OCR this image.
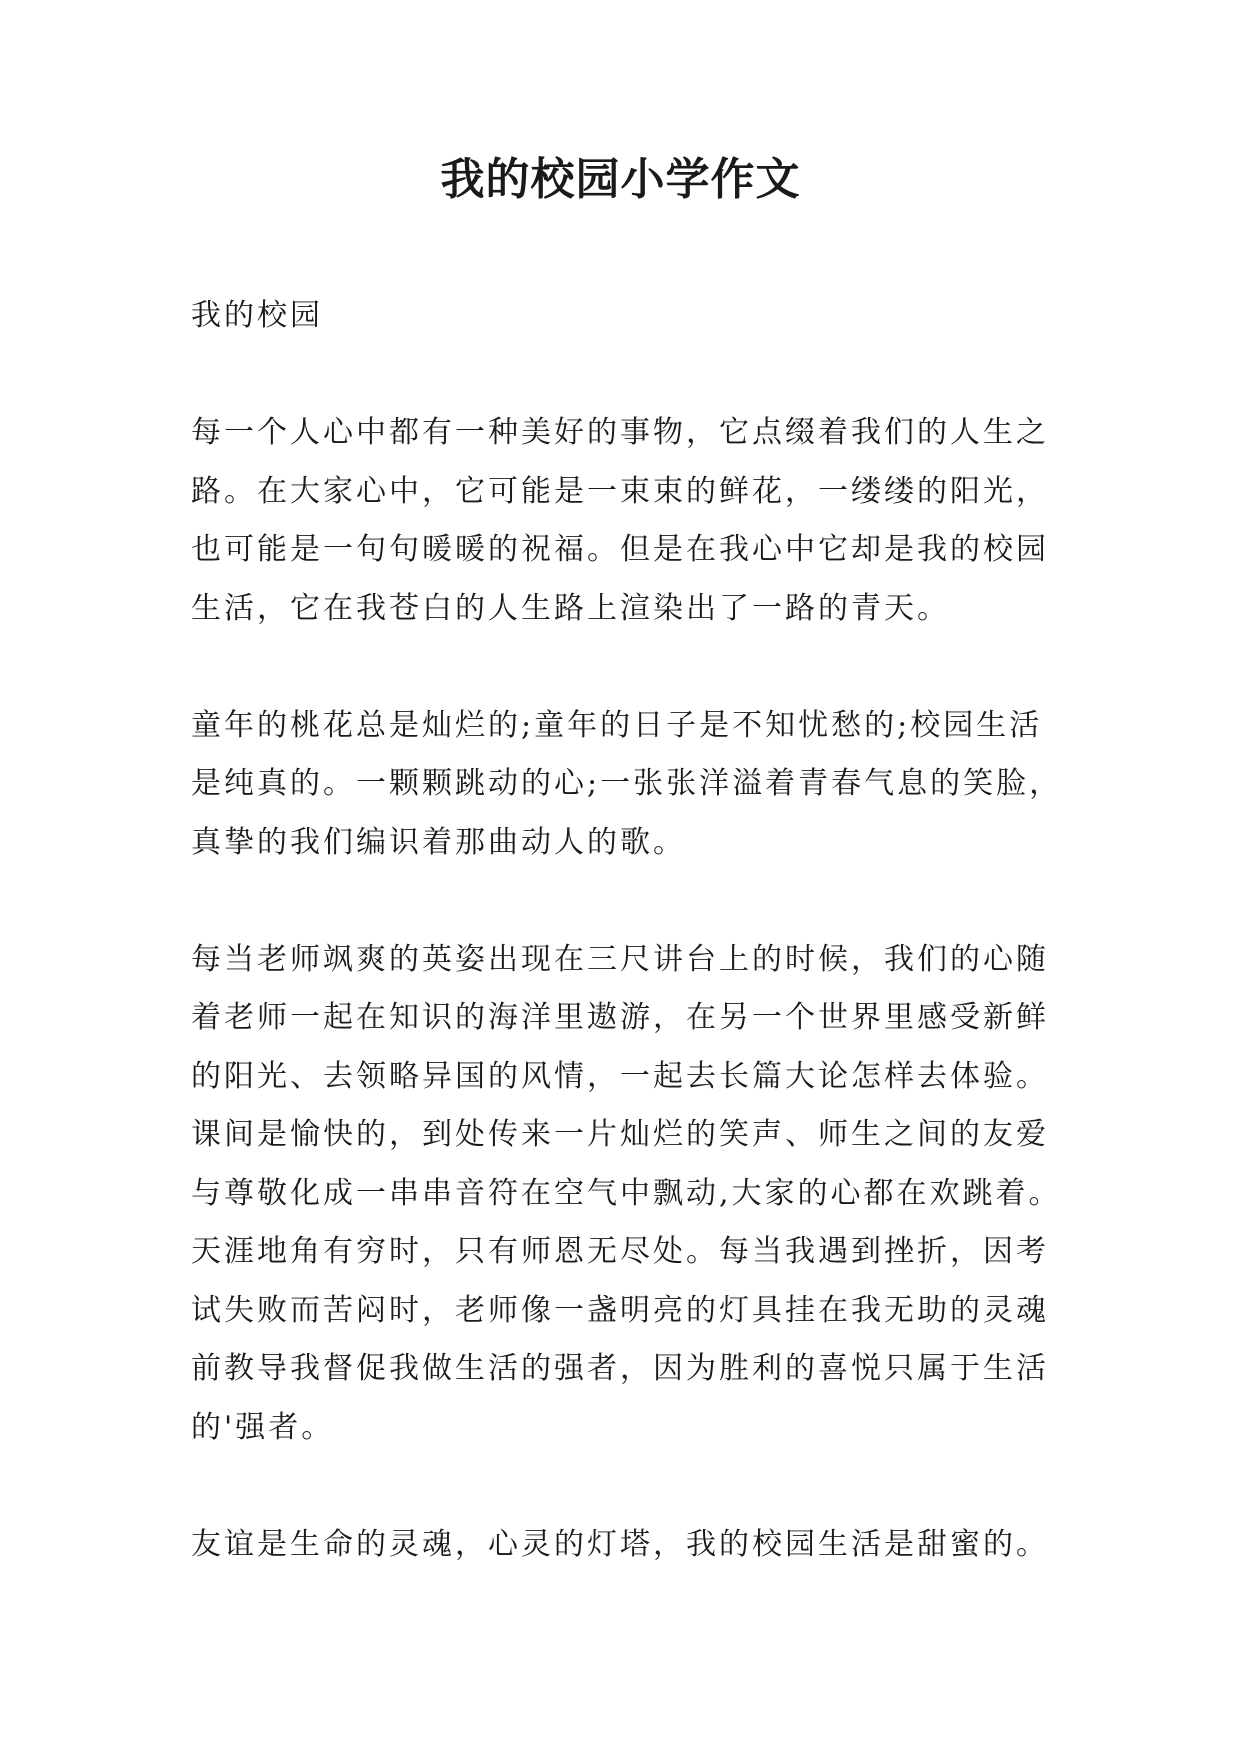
我的校园小学作文

我的校园

每一个人心中都有一种美好的事物，它点缀着我们的人生之
路。在大家心中，它可能是一束束的鲜花，一缕缕的阳光，
也可能是一句句暖暖的祝福。但是在我心中它却是我的校园
生活，它在我苍白的人生路上渲染出了一路的青天。

童年的桃花总是灿烂的;童年的日子是不知忧愁的;校园生活
是纯真的。一颗颗跳动的心;一张张洋溢着青春气息的笑脸，
真挚的我们编识着那曲动人的歌。

每当老师飒爽的英姿出现在三尺讲台上的时候，我们的心随
着老师一起在知识的海洋里遨游，在另一个世界里感受新鲜
的阳光、去领略异国的风情，一起去长篇大论怎样去体验。
课间是愉快的，到处传来一片灿烂的笑声、师生之间的友爱
与尊敬化成一串串音符在空气中飘动,大家的心都在欢跳着。
天涯地角有穷时，只有师恩无尽处。每当我遇到挫折，因考
试失败而苦闷时，老师像一盏明亮的灯具挂在我无助的灵魂
前教导我督促我做生活的强者，因为胜利的喜悦只属于生活
的'强者。

友谊是生命的灵魂，心灵的灯塔，我的校园生活是甜蜜的。
